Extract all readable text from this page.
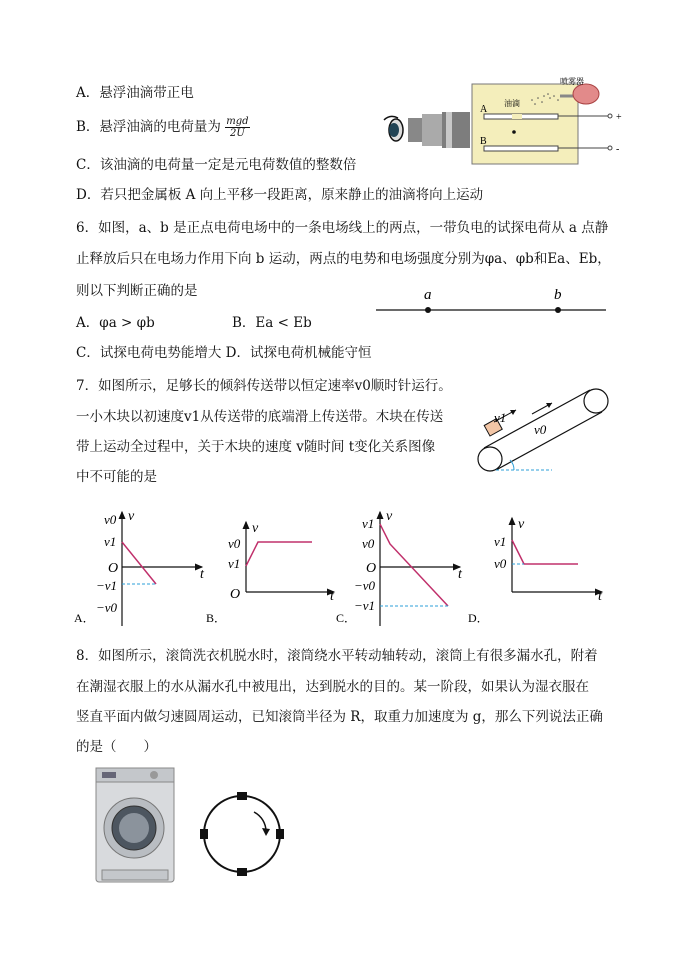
A．悬浮油滴带正电
B．悬浮油滴的电荷量为 mgd
2U
C．该油滴的电荷量一定是元电荷数值的整数倍
D．若只把金属板 A 向上平移一段距离，原来静止的油滴将向上运动
A
B
油滴
喷雾器
+
-
6．如图，a、b 是正点电荷电场中的一条电场线上的两点，一带负电的试探电荷从 a 点静
止释放后只在电场力作用下向 b 运动，两点的电势和电场强度分别为φa、φb和Ea、Eb，
则以下判断正确的是
A．φa > φb	B．Ea < Eb
C．试探电荷电势能增大 D．试探电荷机械能守恒
a	b
7．如图所示，足够长的倾斜传送带以恒定速率v0顺时针运行。
一小木块以初速度v1从传送带的底端滑上传送带。木块在传送
带上运动全过程中，关于木块的速度 v随时间 t变化关系图像
中不可能的是
v1
v0
v
t
O
v0
v1
−v1
−v0
A．
v
t
O
v0
v1
B．
v
t
O
v1
v0
−v0
−v1
C．
v
t
v1
v0
D．
8．如图所示，滚筒洗衣机脱水时，滚筒绕水平转动轴转动，滚筒上有很多漏水孔，附着
在潮湿衣服上的水从漏水孔中被甩出，达到脱水的目的。某一阶段，如果认为湿衣服在
竖直平面内做匀速圆周运动，已知滚筒半径为 R，取重力加速度为 g，那么下列说法正确
的是（　　）
